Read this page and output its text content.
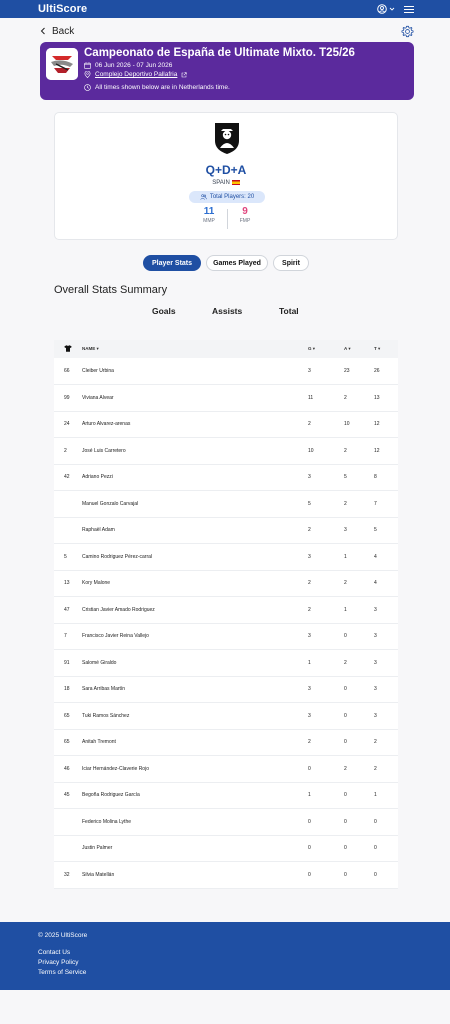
UltiScore
Back
Campeonato de España de Ultimate Mixto. T25/26
06 Jun 2026 - 07 Jun 2026
Complejo Deportivo Pallafria
All times shown below are in Netherlands time.
Q+D+A
SPAIN
Total Players: 20
11
MMP
9
FMP
Player Stats	Games Played	Spirit
Overall Stats Summary
Goals	Assists	Total
	NAME ▾	G ▾	A ▾	T ▾
66	Cleiber Urbina	3	23	26
99	Viviana Alvear	11	2	13
24	Arturo Alvarez-arenas	2	10	12
2	José Luis Carretero	10	2	12
42	Adriano Pezzi	3	5	8
	Manuel Gonzalo Carvajal	5	2	7
	Raphaël Adam	2	3	5
5	Camino Rodriguez Pérez-carral	3	1	4
13	Kory Malone	2	2	4
47	Cristian Javier Amado Rodriguez	2	1	3
7	Francisco Javier Reina Vallejo	3	0	3
91	Salomé Giraldo	1	2	3
18	Sara Arribas Martín	3	0	3
65	Tuki Ramos Sánchez	3	0	3
65	Anitah Tremont	2	0	2
46	Iciar Hernández-Claverie Rojo	0	2	2
45	Begoña Rodriguez García	1	0	1
	Federico Molina Lythe	0	0	0
	Justin Palmer	0	0	0
32	Silvia Matellán	0	0	0
© 2025 UltiScore
Contact Us
Privacy Policy
Terms of Service
